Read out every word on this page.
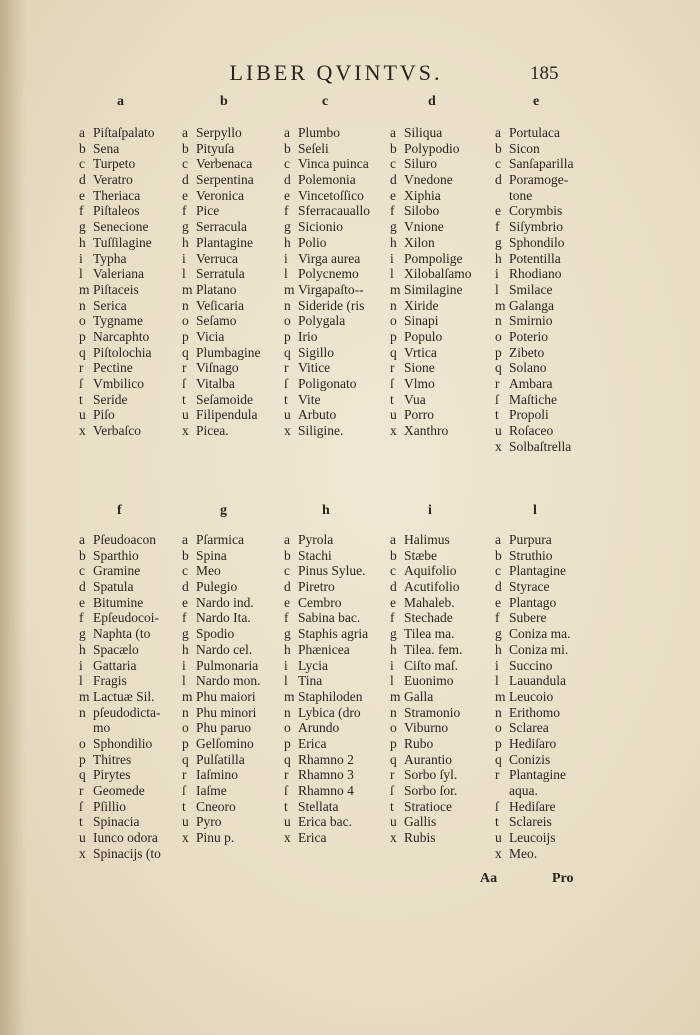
LIBER QVINTVS.	185
a
a Piſtaſpalato
b Sena
c Turpeto
d Veratro
e Theriaca
f Piſtaleos
g Senecione
h Tuſſilagine
i Typha
l Valeriana
m Piſtaceis
n Serica
o Tygname
p Narcaphto
q Piſtolochia
r Pectine
ſ Vmbilico
t Seride
u Piſo
x Verbaſco
b
a Serpyllo
b Pityuſa
c Verbenaca
d Serpentina
e Veronica
f Pice
g Serracula
h Plantagine
i Verruca
l Serratula
m Platano
n Veſicaria
o Seſamo
p Vicia
q Plumbagine
r Viſnago
ſ Vitalba
t Seſamoide
u Filipendula
x Picea.
c
a Plumbo
b Seſeli
c Vinca puinca
d Polemonia
e Vincetoſſico
f Sferracauallo
g Sicionio
h Polio
i Virga aurea
l Polycnemo
m Virgapaſto--
n Sideride (ris
o Polygala
p Irio
q Sigillo
r Vitice
ſ Poligonato
t Vite
u Arbuto
x Siligine.
d
a Siliqua
b Polypodio
c Siluro
d Vnedone
e Xiphia
f Silobo
g Vnione
h Xilon
i Pompolige
l Xilobalſamo
m Similagine
n Xiride
o Sinapi
p Populo
q Vrtica
r Sione
ſ Vlmo
t Vua
u Porro
x Xanthro
e
a Portulaca
b Sicon
c Sanſaparilla
d Poramoge-
tone
e Corymbis
f Siſymbrio
g Sphondilo
h Potentilla
i Rhodiano
l Smilace
m Galanga
n Smirnio
o Poterio
p Zibeto
q Solano
r Ambara
ſ Maſtiche
t Propoli
u Roſaceo
x Solbaſtrella
f
a Pſeudoacon
b Sparthio
c Gramine
d Spatula
e Bitumine
f Epſeudocoi-
g Naphta (to
h Spacælo
i Gattaria
l Fragis
m Lactuæ Sil.
n pſeudodicta-
mo
o Sphondilio
p Thitres
q Pirytes
r Geomede
ſ Pſillio
t Spinacia
u Iunco odora
x Spinacijs (to
g
a Pſarmica
b Spina
c Meo
d Pulegio
e Nardo ind.
f Nardo Ita.
g Spodio
h Nardo cel.
i Pulmonaria
l Nardo mon.
m Phu maiori
n Phu minori
o Phu paruo
p Gelſomino
q Pulſatilla
r Iaſmino
ſ Iaſme
t Cneoro
u Pyro
x Pinu p.
h
a Pyrola
b Stachi
c Pinus Sylue.
d Piretro
e Cembro
f Sabina bac.
g Staphis agria
h Phænicea
i Lycia
l Tina
m Staphiloden
n Lybica (dro
o Arundo
p Erica
q Rhamno 2
r Rhamno 3
ſ Rhamno 4
t Stellata
u Erica bac.
x Erica
i
a Halimus
b Stæbe
c Aquifolio
d Acutifolio
e Mahaleb.
f Stechade
g Tilea ma.
h Tilea. fem.
i Ciſto maſ.
l Euonimo
m Galla
n Stramonio
o Viburno
p Rubo
q Aurantio
r Sorbo ſyl.
ſ Sorbo ſor.
t Stratioce
u Gallis
x Rubis
l
a Purpura
b Struthio
c Plantagine
d Styrace
e Plantago
f Subere
g Coniza ma.
h Coniza mi.
i Succino
l Lauandula
m Leucoio
n Erithomo
o Sclarea
p Hediſaro
q Conizis
r Plantagine
aqua.
ſ Hediſare
t Sclareis
u Leucoijs
x Meo.
Aa	Pro
